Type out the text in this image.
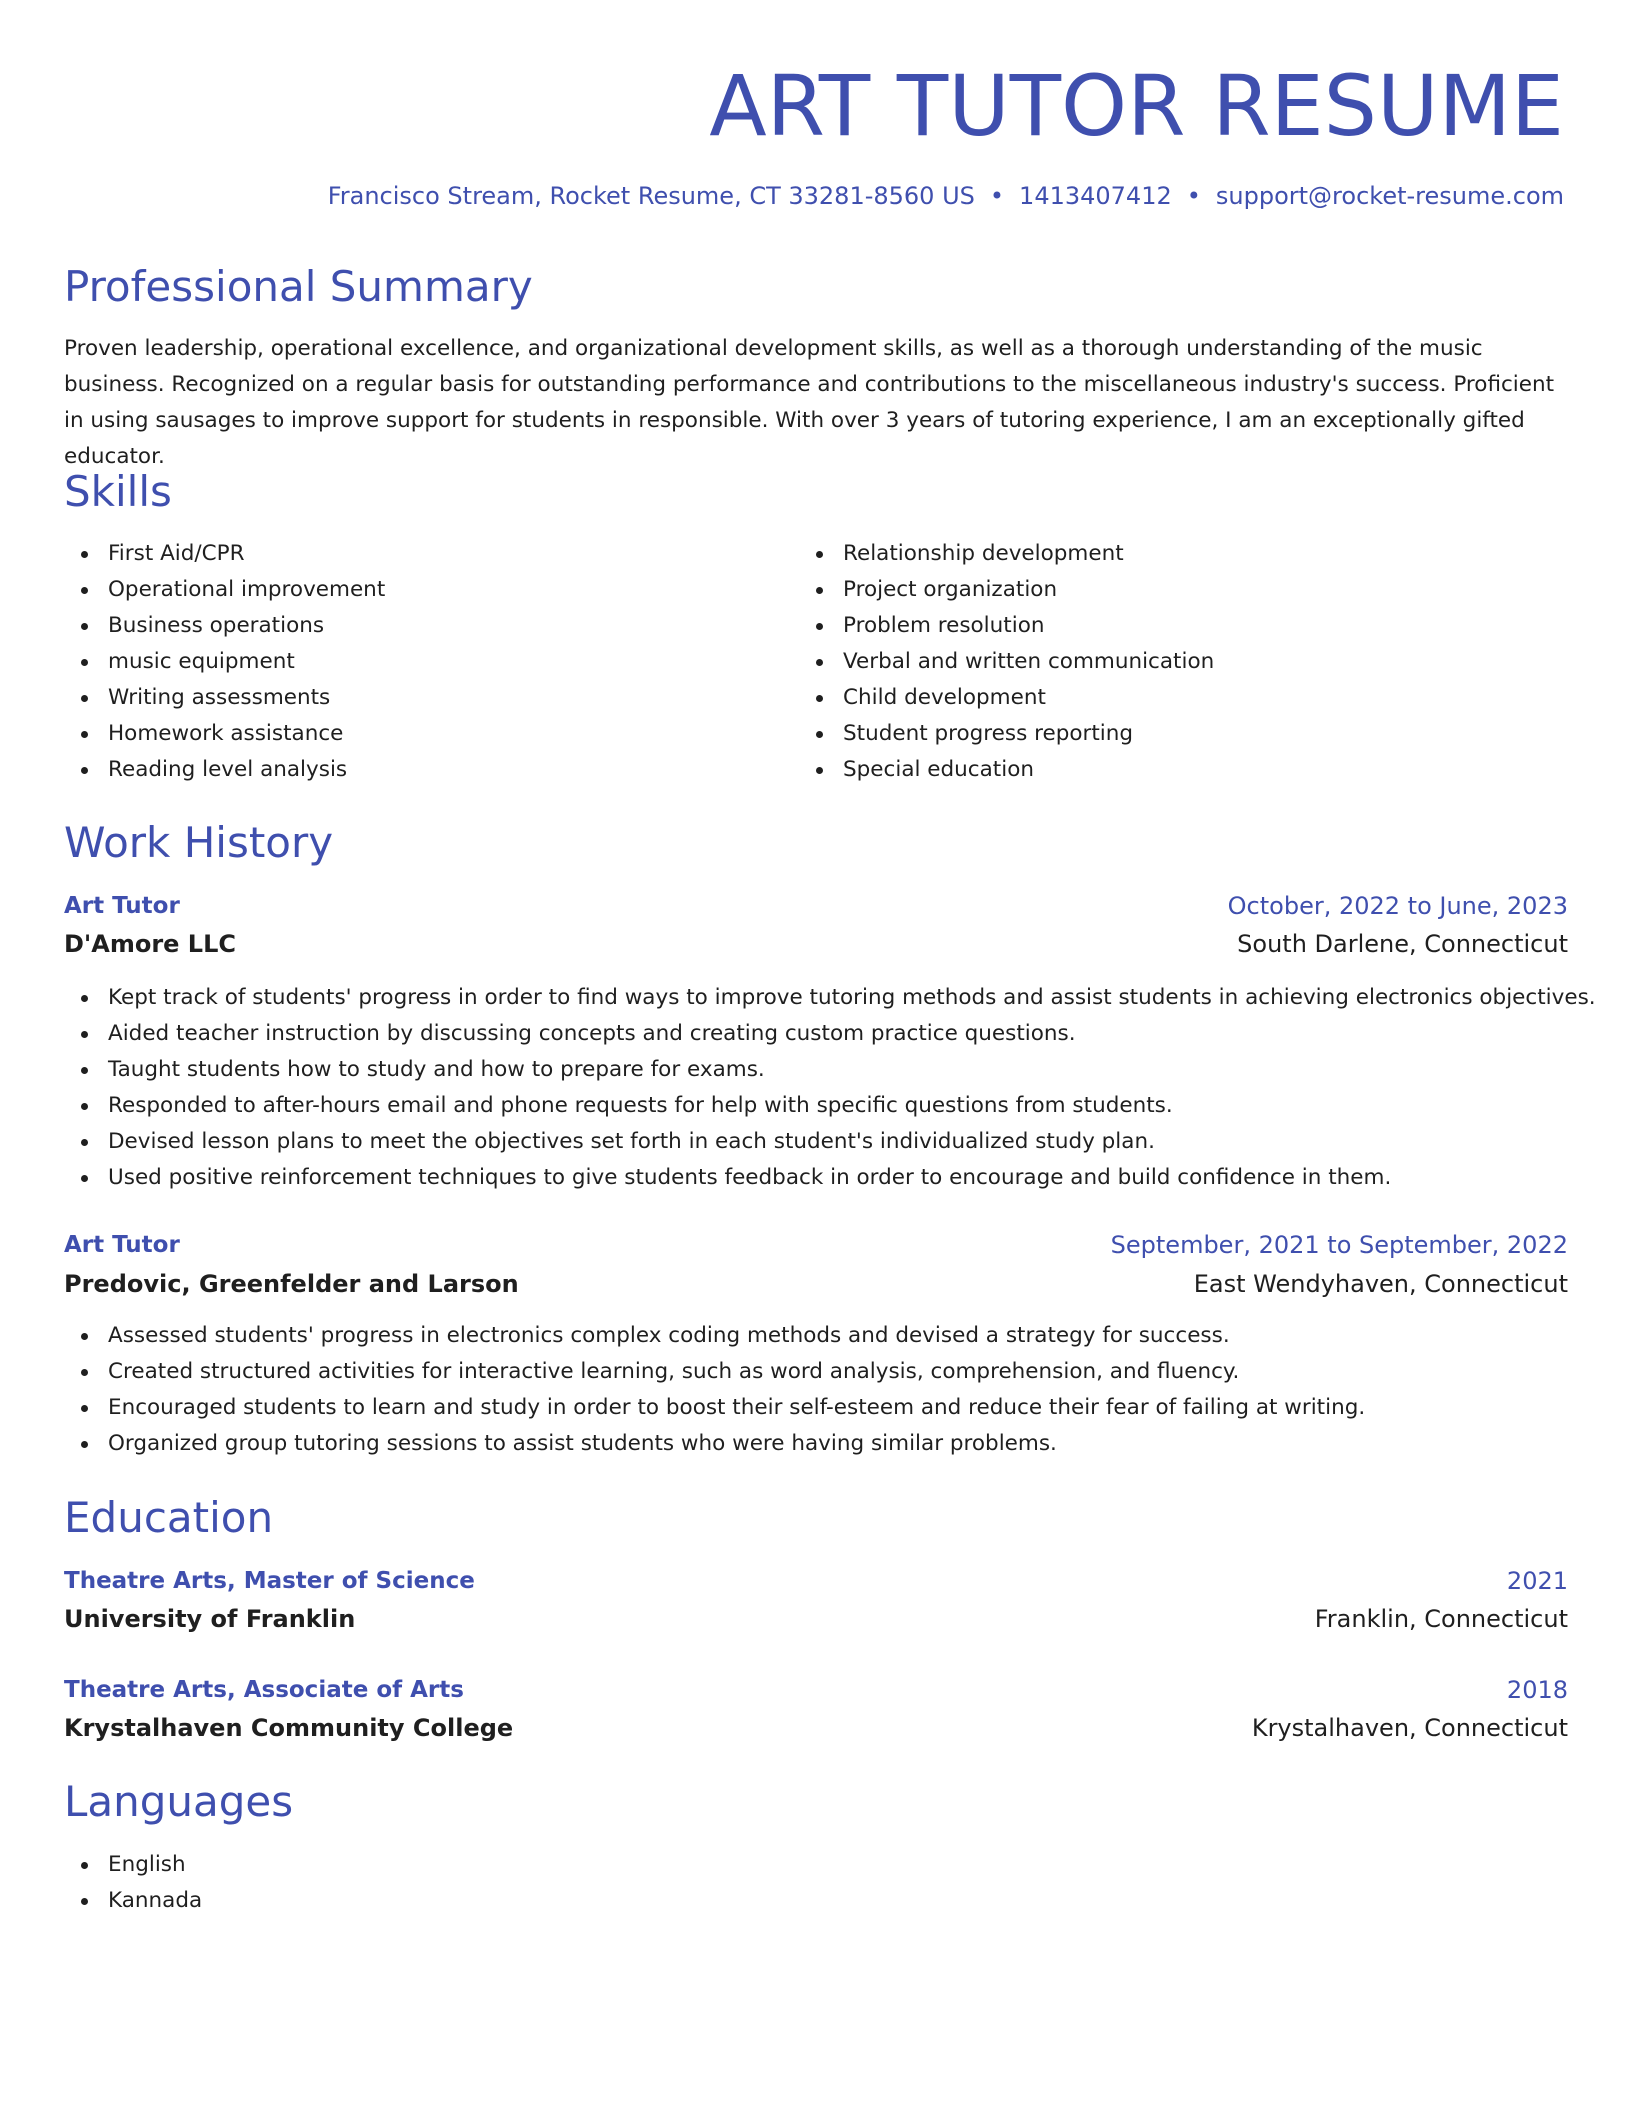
ART TUTOR RESUME
Francisco Stream, Rocket Resume, CT 33281-8560 US • 1413407412 • support@rocket-resume.com
Professional Summary

Proven leadership, operational excellence, and organizational development skills, as well as a thorough understanding of the music business. Recognized on a regular basis for outstanding performance and contributions to the miscellaneous industry's success. Proficient in using sausages to improve support for students in responsible. With over 3 years of tutoring experience, I am an exceptionally gifted educator.

Skills
First Aid/CPR
Operational improvement
Business operations
music equipment
Writing assessments
Homework assistance
Reading level analysis
Relationship development
Project organization
Problem resolution
Verbal and written communication
Child development
Student progress reporting
Special education
Work History
Art Tutor	October, 2022 to June, 2023
D'Amore LLC	South Darlene, Connecticut
Kept track of students' progress in order to find ways to improve tutoring methods and assist students in achieving electronics objectives.
Aided teacher instruction by discussing concepts and creating custom practice questions.
Taught students how to study and how to prepare for exams.
Responded to after-hours email and phone requests for help with specific questions from students.
Devised lesson plans to meet the objectives set forth in each student's individualized study plan.
Used positive reinforcement techniques to give students feedback in order to encourage and build confidence in them.
Art Tutor	September, 2021 to September, 2022
Predovic, Greenfelder and Larson	East Wendyhaven, Connecticut
Assessed students' progress in electronics complex coding methods and devised a strategy for success.
Created structured activities for interactive learning, such as word analysis, comprehension, and fluency.
Encouraged students to learn and study in order to boost their self-esteem and reduce their fear of failing at writing.
Organized group tutoring sessions to assist students who were having similar problems.
Education
Theatre Arts, Master of Science	2021
University of Franklin	Franklin, Connecticut
Theatre Arts, Associate of Arts	2018
Krystalhaven Community College	Krystalhaven, Connecticut
Languages
English
Kannada
